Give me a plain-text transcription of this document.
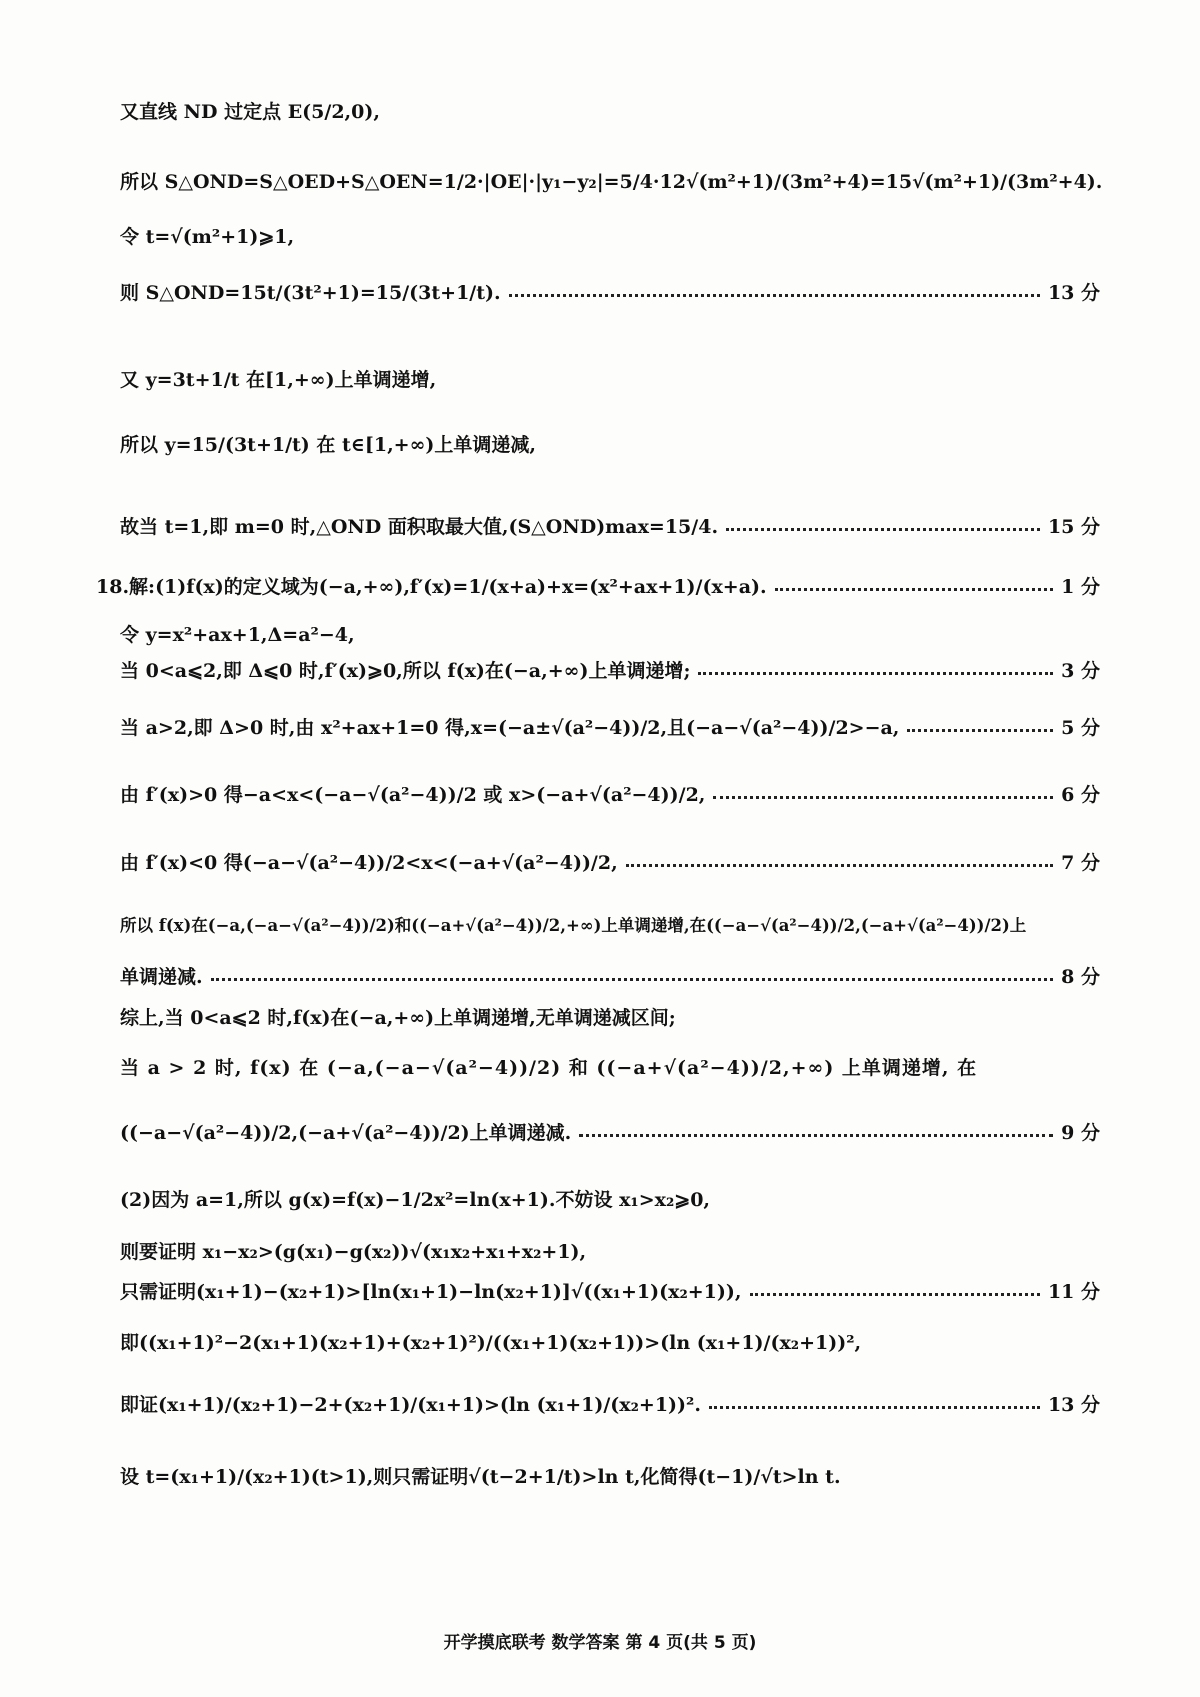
又直线 ND 过定点 E(5/2,0),
所以 S△OND=S△OED+S△OEN=1/2·|OE|·|y₁−y₂|=5/4·12√(m²+1)/(3m²+4)=15√(m²+1)/(3m²+4).
令 t=√(m²+1)⩾1,
则 S△OND=15t/(3t²+1)=15/(3t+1/t).	13 分
又 y=3t+1/t 在[1,+∞)上单调递增,
所以 y=15/(3t+1/t) 在 t∈[1,+∞)上单调递减,
故当 t=1,即 m=0 时,△OND 面积取最大值,(S△OND)max=15/4.	15 分
18.解:(1)f(x)的定义域为(−a,+∞),f′(x)=1/(x+a)+x=(x²+ax+1)/(x+a).	1 分
令 y=x²+ax+1,Δ=a²−4,
当 0<a⩽2,即 Δ⩽0 时,f′(x)⩾0,所以 f(x)在(−a,+∞)上单调递增;	3 分
当 a>2,即 Δ>0 时,由 x²+ax+1=0 得,x=(−a±√(a²−4))/2,且(−a−√(a²−4))/2>−a,	5 分
由 f′(x)>0 得−a<x<(−a−√(a²−4))/2 或 x>(−a+√(a²−4))/2,	6 分
由 f′(x)<0 得(−a−√(a²−4))/2<x<(−a+√(a²−4))/2,	7 分
所以 f(x)在(−a,(−a−√(a²−4))/2)和((−a+√(a²−4))/2,+∞)上单调递增,在((−a−√(a²−4))/2,(−a+√(a²−4))/2)上
单调递减.	8 分
综上,当 0<a⩽2 时,f(x)在(−a,+∞)上单调递增,无单调递减区间;
当 a > 2 时, f(x) 在 (−a,(−a−√(a²−4))/2) 和 ((−a+√(a²−4))/2,+∞) 上单调递增, 在
((−a−√(a²−4))/2,(−a+√(a²−4))/2)上单调递减.	9 分
(2)因为 a=1,所以 g(x)=f(x)−1/2x²=ln(x+1).不妨设 x₁>x₂⩾0,
则要证明 x₁−x₂>(g(x₁)−g(x₂))√(x₁x₂+x₁+x₂+1),
只需证明(x₁+1)−(x₂+1)>[ln(x₁+1)−ln(x₂+1)]√((x₁+1)(x₂+1)),	11 分
即((x₁+1)²−2(x₁+1)(x₂+1)+(x₂+1)²)/((x₁+1)(x₂+1))>(ln (x₁+1)/(x₂+1))²,
即证(x₁+1)/(x₂+1)−2+(x₂+1)/(x₁+1)>(ln (x₁+1)/(x₂+1))².	13 分
设 t=(x₁+1)/(x₂+1)(t>1),则只需证明√(t−2+1/t)>ln t,化简得(t−1)/√t>ln t.
开学摸底联考 数学答案 第 4 页(共 5 页)
